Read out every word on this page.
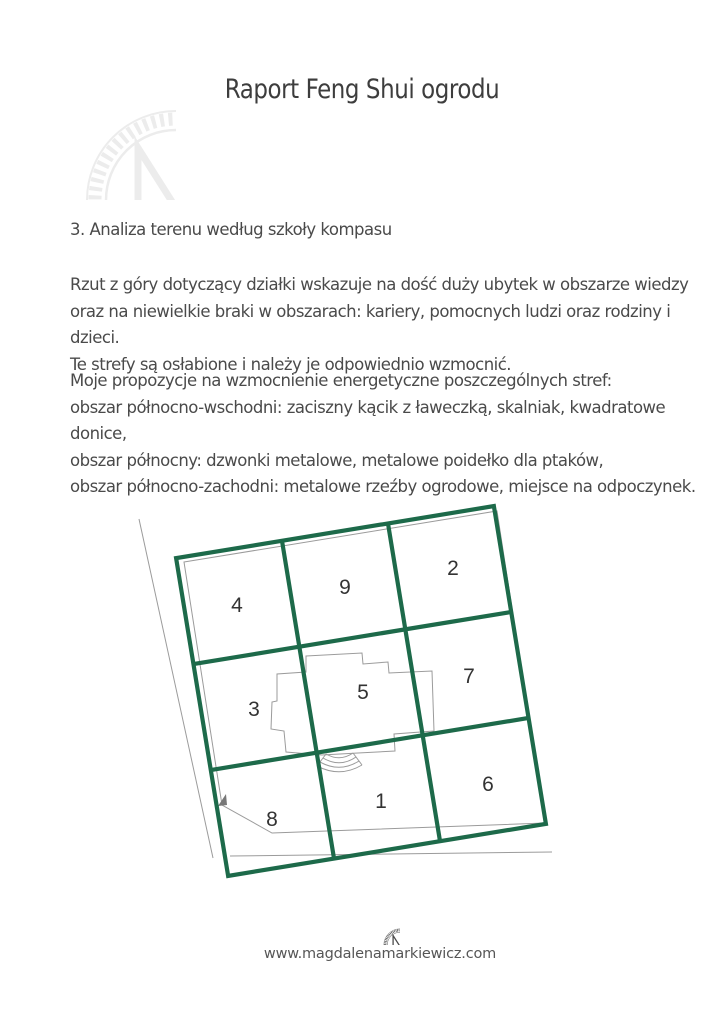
Raport Feng Shui ogrodu

3. Analiza terenu według szkoły kompasu

Rzut z góry dotyczący działki wskazuje na dość duży ubytek w obszarze wiedzy
oraz na niewielkie braki w obszarach: kariery, pomocnych ludzi oraz rodziny i dzieci.
Te strefy są osłabione i należy je odpowiednio wzmocnić.
Moje propozycje na wzmocnienie energetyczne poszczególnych stref:
obszar północno-wschodni: zaciszny kącik z ławeczką, skalniak, kwadratowe donice,
obszar północny: dzwonki metalowe, metalowe poidełko dla ptaków,
obszar północno-zachodni: metalowe rzeźby ogrodowe, miejsce na odpoczynek.
4
9
2
3
5
7
8
1
6
www.magdalenamarkiewicz.com
